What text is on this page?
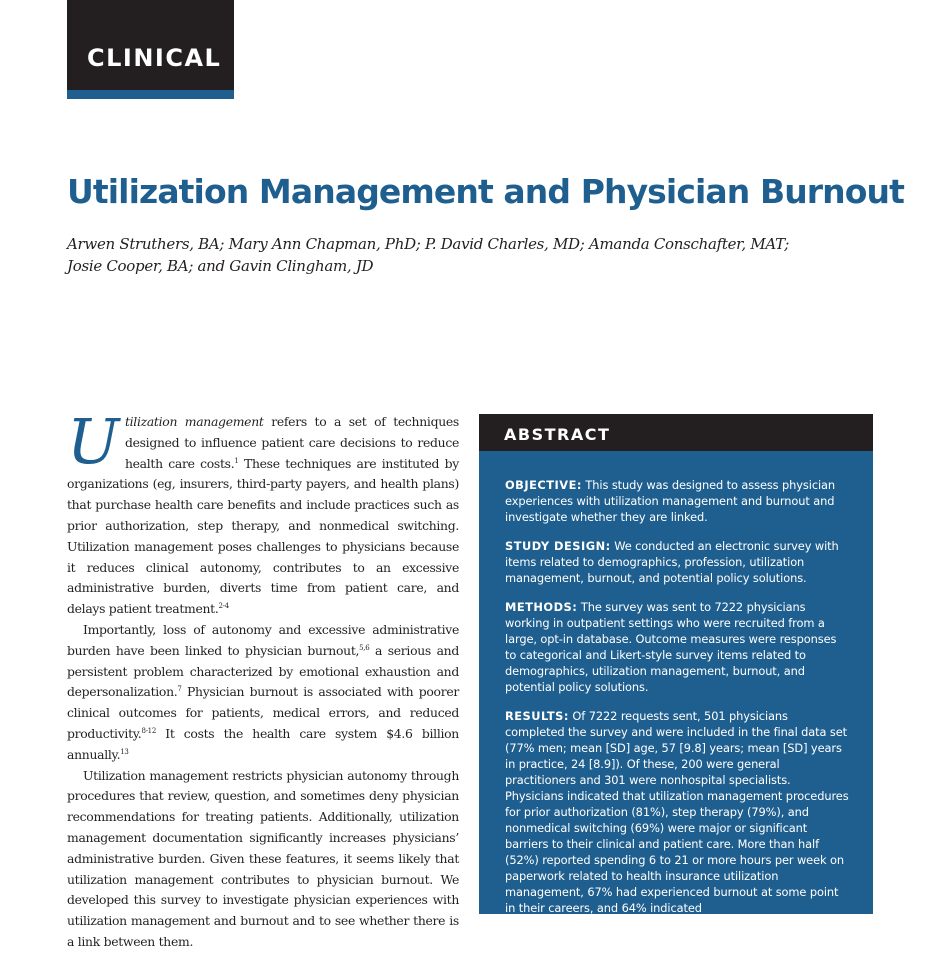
CLINICAL
Utilization Management and Physician Burnout
Arwen Struthers, BA; Mary Ann Chapman, PhD; P. David Charles, MD; Amanda Conschafter, MAT;
Josie Cooper, BA; and Gavin Clingham, JD

Utilization management refers to a set of techniques designed to influence patient care decisions to reduce health care costs.$^1$ These techniques are instituted by organizations (eg, insurers, third-party payers, and health plans) that purchase health care benefits and include practices such as prior authorization, step therapy, and nonmedical switching. Utilization management poses challenges to physicians because it reduces clinical autonomy, contributes to an excessive administrative burden, diverts time from patient care, and delays patient treatment.$^{2-4}$

Importantly, loss of autonomy and excessive administrative burden have been linked to physician burnout,$^{5,6}$ a serious and persistent problem characterized by emotional exhaustion and depersonalization.$^7$ Physician burnout is associated with poorer clinical outcomes for patients, medical errors, and reduced productivity.$^{8-12}$ It costs the health care system $4.6 billion annually.$^{13}$

Utilization management restricts physician autonomy through procedures that review, question, and sometimes deny physician recommendations for treating patients. Additionally, utilization management documentation significantly increases physicians’ administrative burden. Given these features, it seems likely that utilization management contributes to physician burnout. We developed this survey to investigate physician experiences with utilization management and burnout and to see whether there is a link between them.

ABSTRACT

OBJECTIVE: This study was designed to assess physician experiences with utilization management and burnout and investigate whether they are linked.

STUDY DESIGN: We conducted an electronic survey with items related to demographics, profession, utilization management, burnout, and potential policy solutions.

METHODS: The survey was sent to 7222 physicians working in outpatient settings who were recruited from a large, opt-in database. Outcome measures were responses to categorical and Likert-style survey items related to demographics, utilization management, burnout, and potential policy solutions.

RESULTS: Of 7222 requests sent, 501 physicians completed the survey and were included in the final data set (77% men; mean [SD] age, 57 [9.8] years; mean [SD] years in practice, 24 [8.9]). Of these, 200 were general practitioners and 301 were nonhospital specialists. Physicians indicated that utilization management procedures for prior authorization (81%), step therapy (79%), and nonmedical switching (69%) were major or significant barriers to their clinical and patient care. More than half (52%) reported spending 6 to 21 or more hours per week on paperwork related to health insurance utilization management, 67% had experienced burnout at some point in their careers, and 64% indicated
